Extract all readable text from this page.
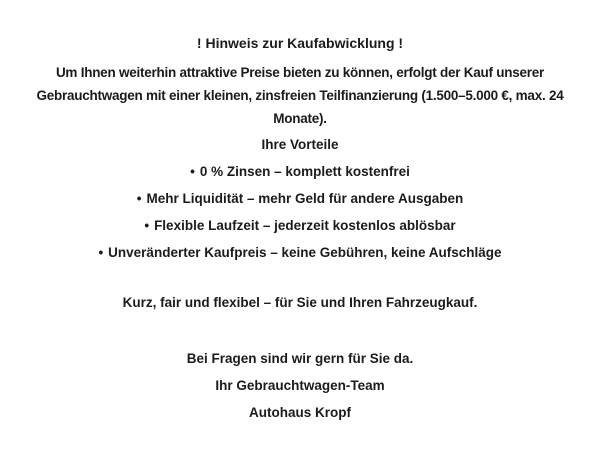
! Hinweis zur Kaufabwicklung !
Um Ihnen weiterhin attraktive Preise bieten zu können, erfolgt der Kauf unserer
Gebrauchtwagen mit einer kleinen, zinsfreien Teilfinanzierung (1.500–5.000 €, max. 24
Monate).
Ihre Vorteile
• 0 % Zinsen – komplett kostenfrei
• Mehr Liquidität – mehr Geld für andere Ausgaben
• Flexible Laufzeit – jederzeit kostenlos ablösbar
• Unveränderter Kaufpreis – keine Gebühren, keine Aufschläge
Kurz, fair und flexibel – für Sie und Ihren Fahrzeugkauf.
Bei Fragen sind wir gern für Sie da.
Ihr Gebrauchtwagen-Team
Autohaus Kropf
